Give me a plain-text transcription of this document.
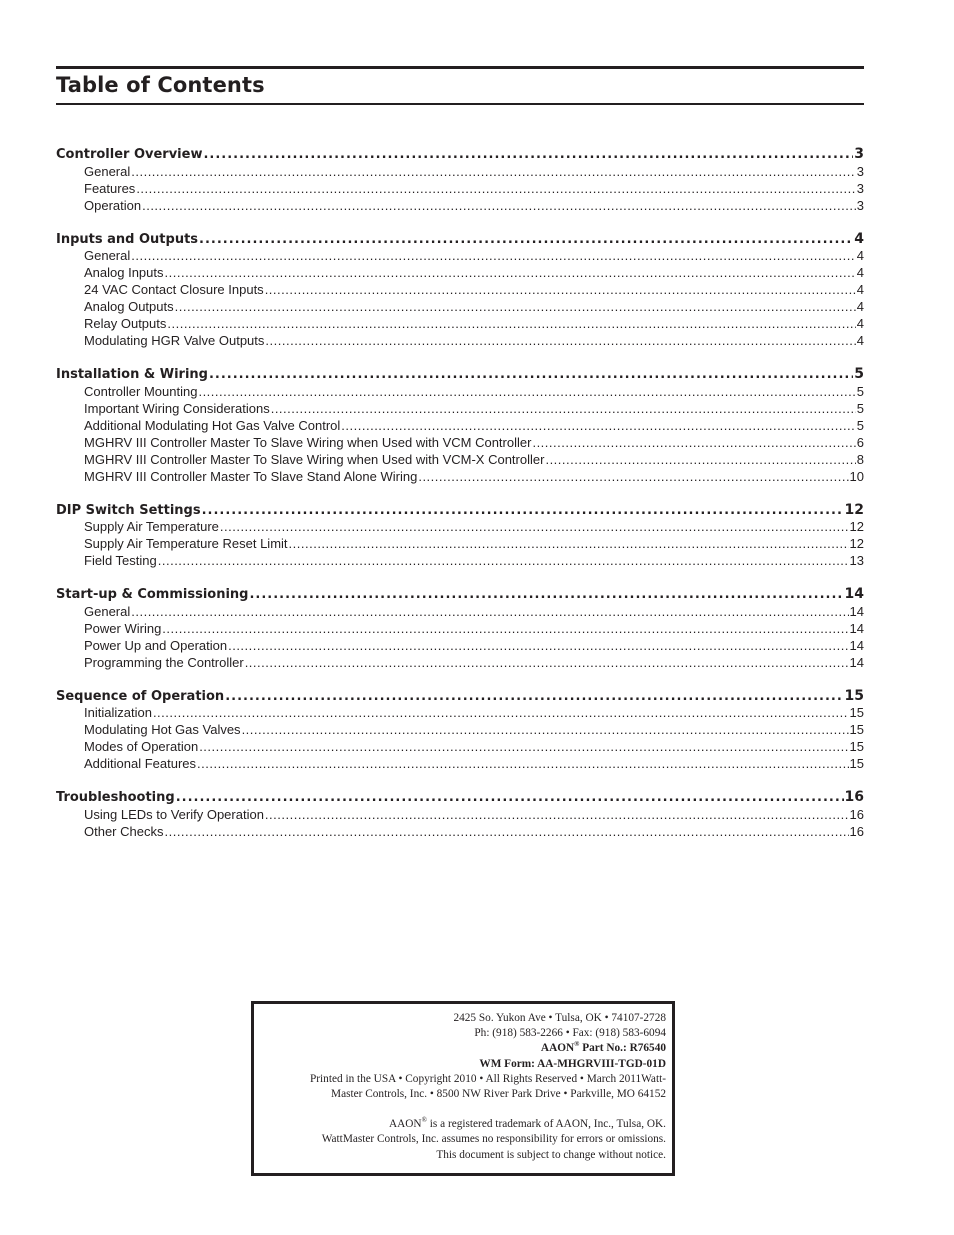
Table of Contents
Controller Overview .....	3
General .....	3
Features .....	3
Operation .....	3
Inputs and Outputs .....	4
General .....	4
Analog Inputs .....	4
24 VAC Contact Closure Inputs .....	4
Analog Outputs .....	4
Relay Outputs .....	4
Modulating HGR Valve Outputs .....	4
Installation & Wiring .....	5
Controller Mounting .....	5
Important Wiring Considerations .....	5
Additional Modulating Hot Gas Valve Control .....	5
MGHRV III Controller Master To Slave Wiring when Used with VCM Controller .....	6
MGHRV III Controller Master To Slave Wiring when Used with VCM-X Controller .....	8
MGHRV III Controller Master To Slave Stand Alone Wiring .....	10
DIP Switch Settings .....	12
Supply Air Temperature .....	12
Supply Air Temperature Reset Limit .....	12
Field Testing .....	13
Start-up & Commissioning .....	14
General .....	14
Power Wiring .....	14
Power Up and Operation .....	14
Programming the Controller .....	14
Sequence of Operation .....	15
Initialization .....	15
Modulating Hot Gas Valves .....	15
Modes of Operation .....	15
Additional Features .....	15
Troubleshooting .....	16
Using LEDs to Verify Operation .....	16
Other Checks .....	16
2425 So. Yukon Ave • Tulsa, OK • 74107-2728
Ph: (918) 583-2266 • Fax: (918) 583-6094
AAON® Part No.: R76540
WM Form: AA-MHGRVIII-TGD-01D
Printed in the USA • Copyright 2010 • All Rights Reserved • March 2011Watt-
Master Controls, Inc. • 8500 NW River Park Drive • Parkville, MO 64152
AAON® is a registered trademark of AAON, Inc., Tulsa, OK.
WattMaster Controls, Inc. assumes no responsibility for errors or omissions.
This document is subject to change without notice.
